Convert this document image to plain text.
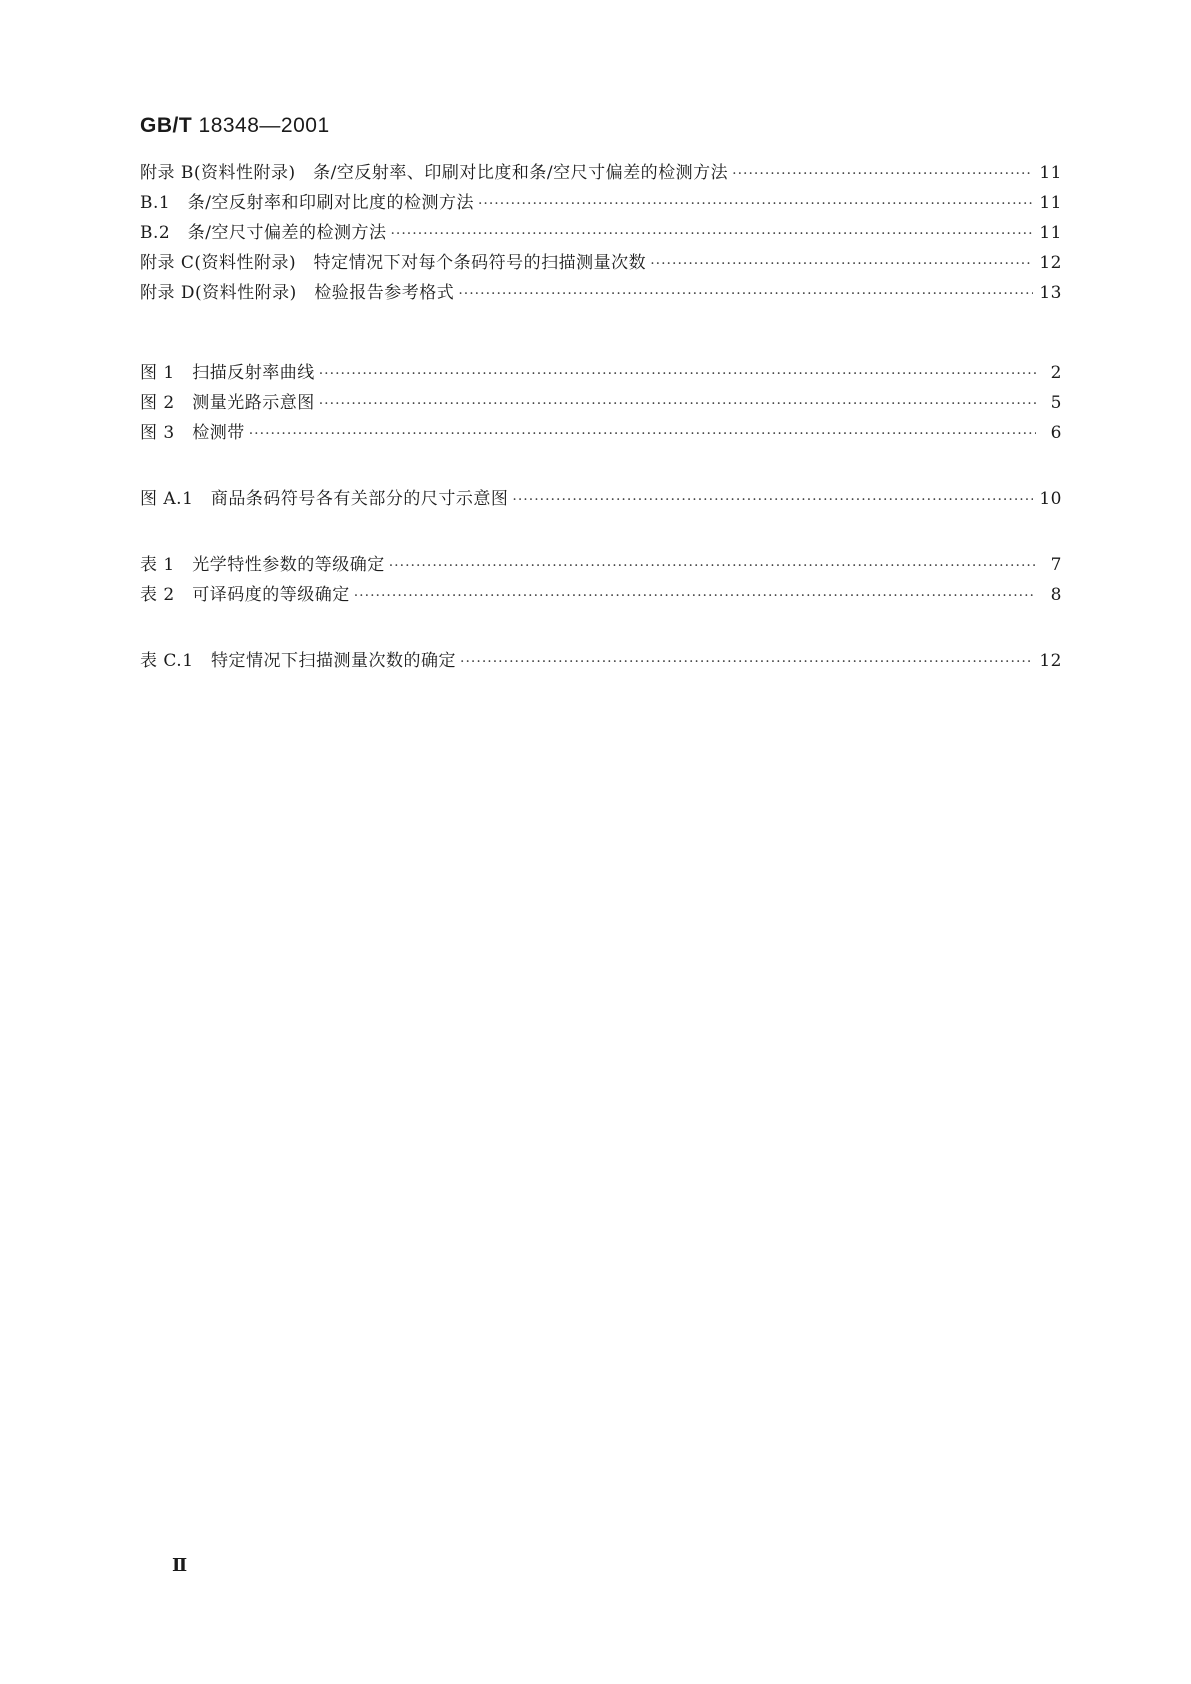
GB/T 18348—2001
附录 B(资料性附录)　条/空反射率、印刷对比度和条/空尺寸偏差的检测方法 ·····	11
B.1　条/空反射率和印刷对比度的检测方法 ·····	11
B.2　条/空尺寸偏差的检测方法 ·····	11
附录 C(资料性附录)　特定情况下对每个条码符号的扫描测量次数 ·····	12
附录 D(资料性附录)　检验报告参考格式 ·····	13
图 1　扫描反射率曲线 ·····	2
图 2　测量光路示意图 ·····	5
图 3　检测带 ·····	6
图 A.1　商品条码符号各有关部分的尺寸示意图 ·····	10
表 1　光学特性参数的等级确定 ·····	7
表 2　可译码度的等级确定 ·····	8
表 C.1　特定情况下扫描测量次数的确定 ·····	12
Ⅱ
